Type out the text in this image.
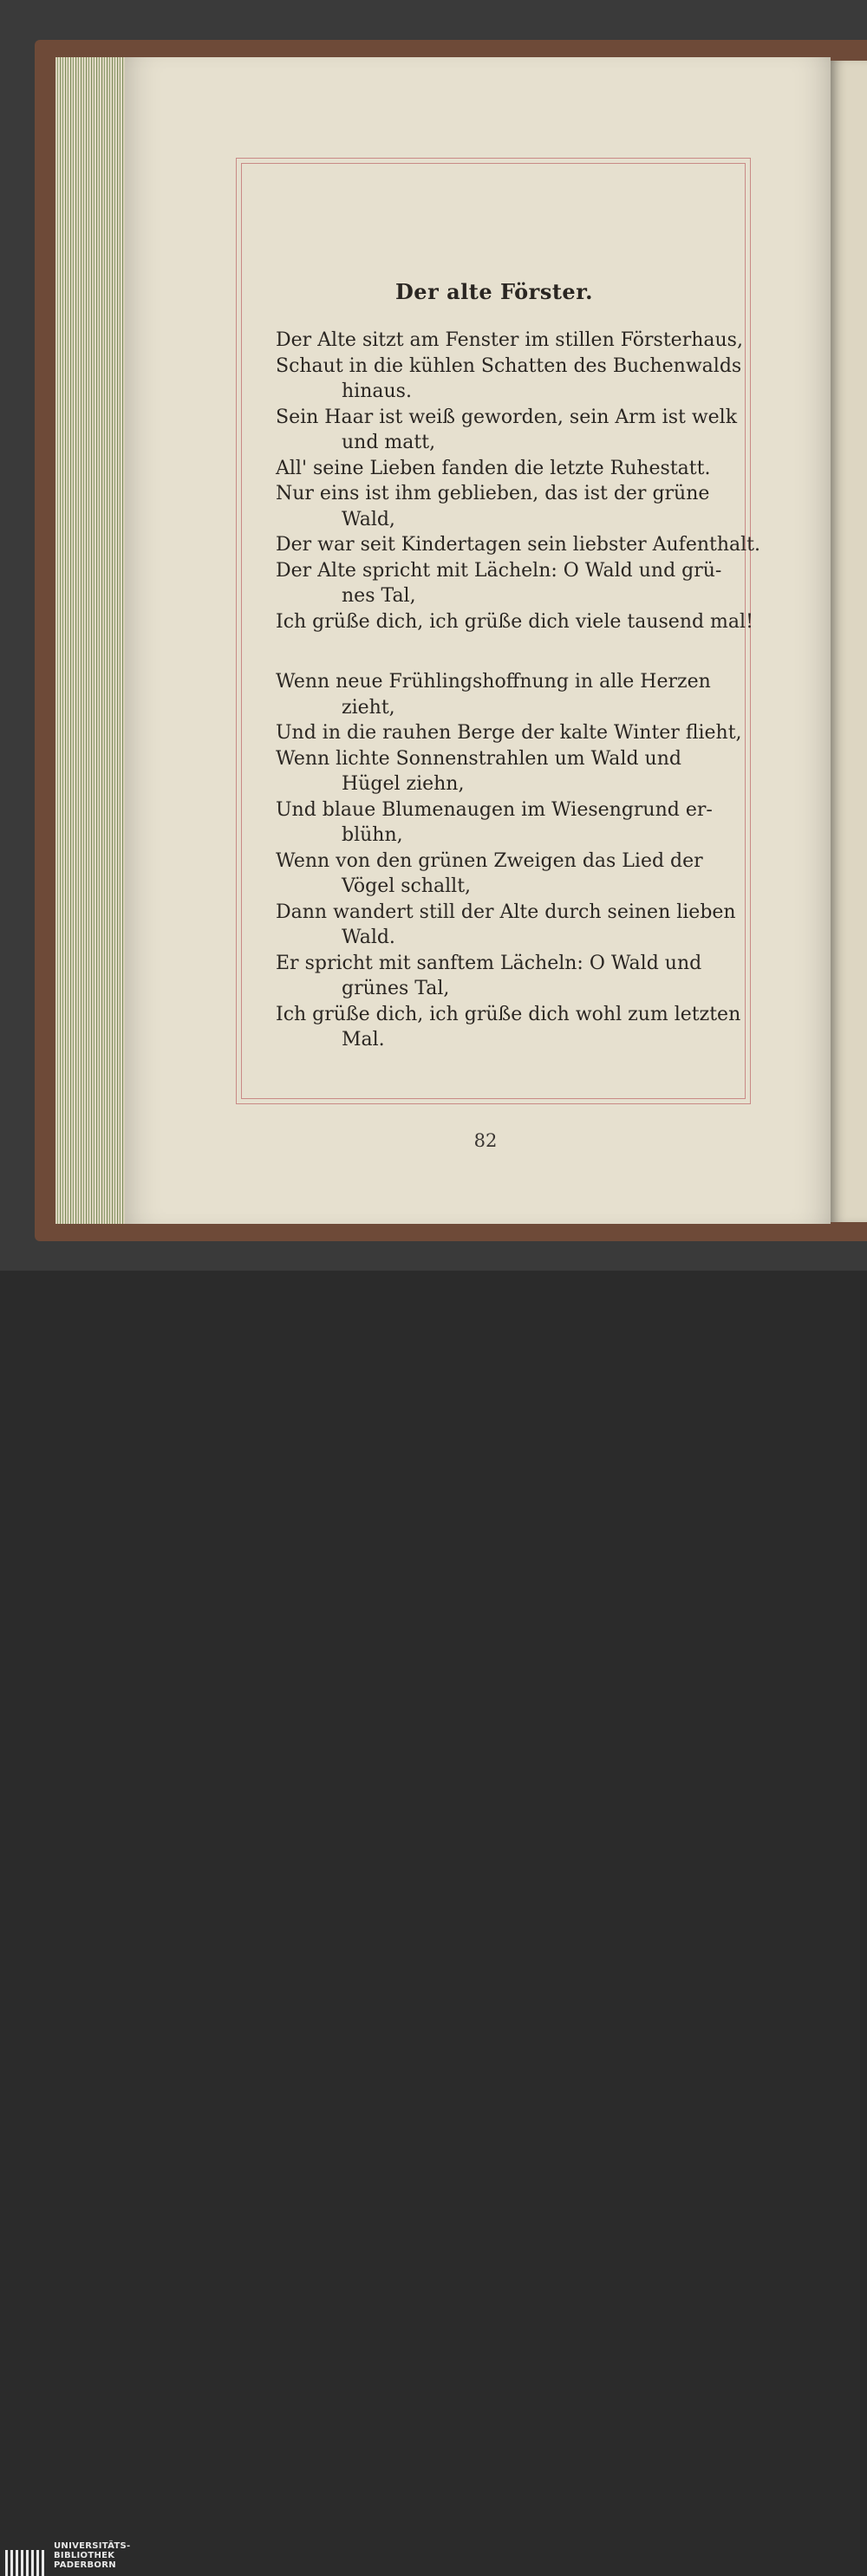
Der alte Förster.
Der Alte sitzt am Fenster im stillen Försterhaus,
Schaut in die kühlen Schatten des Buchenwalds
hinaus.
Sein Haar ist weiß geworden, sein Arm ist welk
und matt,
All' seine Lieben fanden die letzte Ruhestatt.
Nur eins ist ihm geblieben, das ist der grüne
Wald,
Der war seit Kindertagen sein liebster Aufenthalt.
Der Alte spricht mit Lächeln: O Wald und grü-
nes Tal,
Ich grüße dich, ich grüße dich viele tausend mal!
Wenn neue Frühlingshoffnung in alle Herzen
zieht,
Und in die rauhen Berge der kalte Winter flieht,
Wenn lichte Sonnenstrahlen um Wald und
Hügel ziehn,
Und blaue Blumenaugen im Wiesengrund er-
blühn,
Wenn von den grünen Zweigen das Lied der
Vögel schallt,
Dann wandert still der Alte durch seinen lieben
Wald.
Er spricht mit sanftem Lächeln: O Wald und
grünes Tal,
Ich grüße dich, ich grüße dich wohl zum letzten
Mal.
82
UNIVERSITÄTS-
BIBLIOTHEK
PADERBORN
